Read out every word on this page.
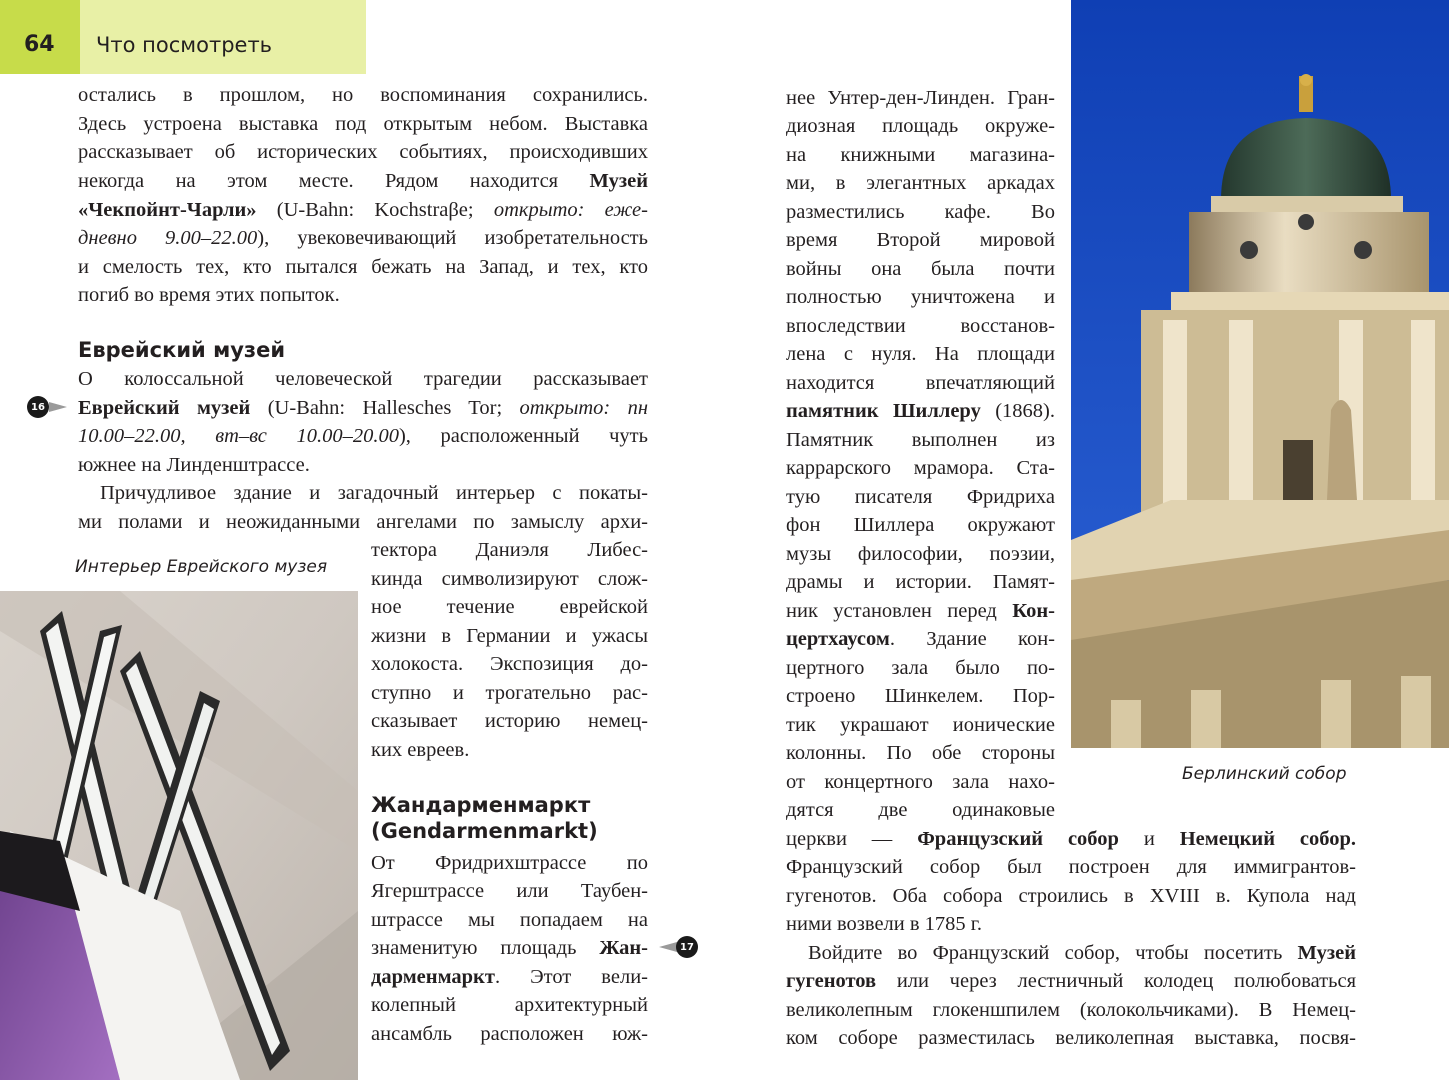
64 Что посмотреть
остались в прошлом, но воспоминания сохранились.
Здесь устроена выставка под открытым небом. Выставка
рассказывает об исторических событиях, происходивших
некогда на этом месте. Рядом находится Музей
«Чекпойнт-Чарли» (U-Bahn: Kochstraβe; открыто: еже-
дневно 9.00–22.00), увековечивающий изобретательность
и смелость тех, кто пытался бежать на Запад, и тех, кто
погиб во время этих попыток.
Еврейский музей
16
О колоссальной человеческой трагедии рассказывает
Еврейский музей (U-Bahn: Hallesches Tor; открыто: пн
10.00–22.00, вт–вс 10.00–20.00), расположенный чуть
южнее на Линденштрассе.
Причудливое здание и загадочный интерьер с покаты-
ми полами и неожиданными ангелами по замыслу архи-
Интерьер Еврейского музея
тектора Даниэля Либес-
кинда символизируют слож-
ное течение еврейской
жизни в Германии и ужасы
холокоста. Экспозиция до-
ступно и трогательно рас-
сказывает историю немец-
ких евреев.
Жандарменмаркт
(Gendarmenmarkt)
От Фридрихштрассе по
Ягерштрассе или Таубен-
штрассе мы попадаем на
знаменитую площадь Жан-
дарменмаркт. Этот вели-
колепный архитектурный
ансамбль расположен юж-
17
нее Унтер-ден-Линден. Гран-
диозная площадь окруже-
на книжными магазина-
ми, в элегантных аркадах
разместились кафе. Во
время Второй мировой
войны она была почти
полностью уничтожена и
впоследствии восстанов-
лена с нуля. На площади
находится впечатляющий
памятник Шиллеру (1868).
Памятник выполнен из
каррарского мрамора. Ста-
тую писателя Фридриха
фон Шиллера окружают
музы философии, поэзии,
драмы и истории. Памят-
ник установлен перед Кон-
цертхаусом. Здание кон-
цертного зала было по-
строено Шинкелем. Пор-
тик украшают ионические
колонны. По обе стороны
от концертного зала нахо-
дятся две одинаковые
Берлинский собор
церкви — Французский собор и Немецкий собор.
Французский собор был построен для иммигрантов-
гугенотов. Оба собора строились в XVIII в. Купола над
ними возвели в 1785 г.
Войдите во Французский собор, чтобы посетить Музей
гугенотов или через лестничный колодец полюбоваться
великолепным глокеншпилем (колокольчиками). В Немец-
ком соборе разместилась великолепная выставка, посвя-
